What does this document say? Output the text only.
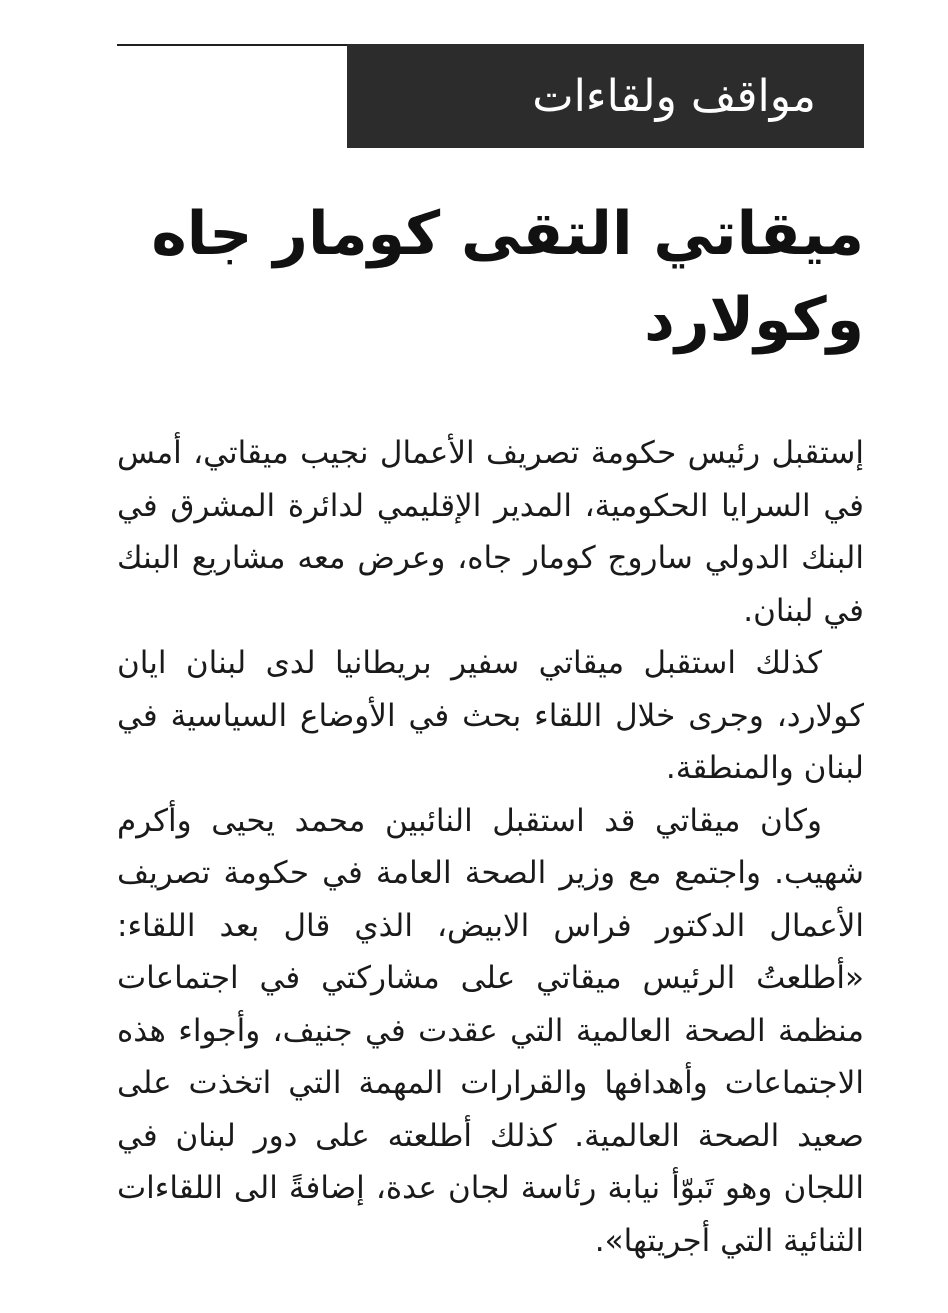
مواقف ولقاءات
ميقاتي التقى كومار جاه وكولارد

إستقبل رئيس حكومة تصريف الأعمال نجيب ميقاتي، أمس في السرايا الحكومية، المدير الإقليمي لدائرة المشرق في البنك الدولي ساروج كومار جاه، وعرض معه مشاريع البنك في لبنان.

كذلك استقبل ميقاتي سفير بريطانيا لدى لبنان ايان كولارد، وجرى خلال اللقاء بحث في الأوضاع السياسية في لبنان والمنطقة.

وكان ميقاتي قد استقبل النائبين محمد يحيى وأكرم شهيب. واجتمع مع وزير الصحة العامة في حكومة تصريف الأعمال الدكتور فراس الابيض، الذي قال بعد اللقاء: «أطلعتُ الرئيس ميقاتي على مشاركتي في اجتماعات منظمة الصحة العالمية التي عقدت في جنيف، وأجواء هذه الاجتماعات وأهدافها والقرارات المهمة التي اتخذت على صعيد الصحة العالمية. كذلك أطلعته على دور لبنان في اللجان وهو تَبوّأ نيابة رئاسة لجان عدة، إضافةً الى اللقاءات الثنائية التي أجريتها».
